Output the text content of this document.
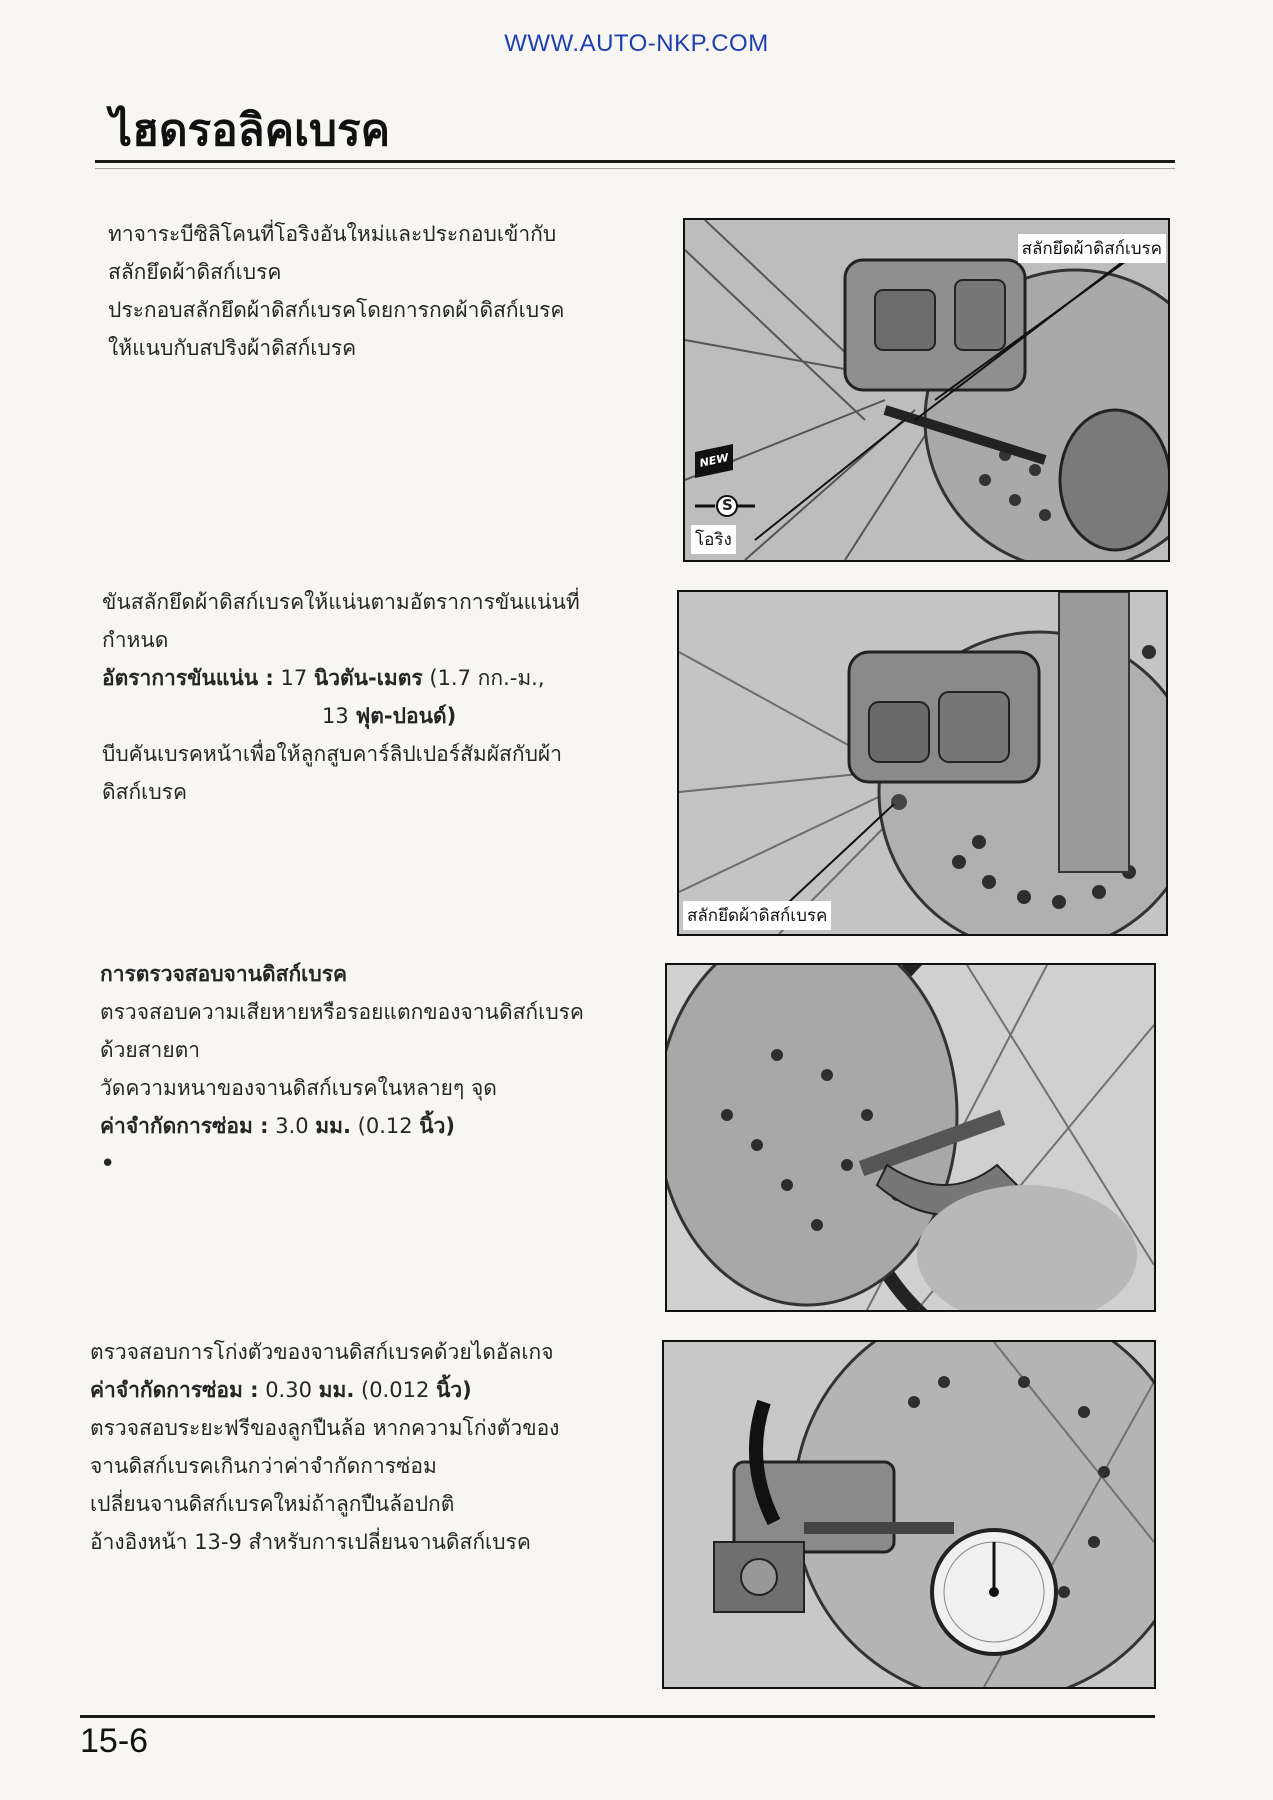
WWW.AUTO-NKP.COM
ไฮดรอลิคเบรค

ทาจาระบีซิลิโคนที่โอริงอันใหม่และประกอบเข้ากับ

สลักยึดผ้าดิสก์เบรค

ประกอบสลักยึดผ้าดิสก์เบรคโดยการกดผ้าดิสก์เบรค

ให้แนบกับสปริงผ้าดิสก์เบรค

สลักยึดผ้าดิสก์เบรค
โอริง
NEW
S

ขันสลักยึดผ้าดิสก์เบรคให้แน่นตามอัตราการขันแน่นที่

กำหนด

อัตราการขันแน่น : 17 นิวตัน-เมตร (1.7 กก.-ม.,

13 ฟุต-ปอนด์)

บีบคันเบรคหน้าเพื่อให้ลูกสูบคาร์ลิปเปอร์สัมผัสกับผ้า

ดิสก์เบรค

สลักยึดผ้าดิสก์เบรค

การตรวจสอบจานดิสก์เบรค

ตรวจสอบความเสียหายหรือรอยแตกของจานดิสก์เบรค

ด้วยสายตา

วัดความหนาของจานดิสก์เบรคในหลายๆ จุด

ค่าจำกัดการซ่อม : 3.0 มม. (0.12 นิ้ว)

•

ตรวจสอบการโก่งตัวของจานดิสก์เบรคด้วยไดอัลเกจ

ค่าจำกัดการซ่อม : 0.30 มม. (0.012 นิ้ว)

ตรวจสอบระยะฟรีของลูกปืนล้อ หากความโก่งตัวของ

จานดิสก์เบรคเกินกว่าค่าจำกัดการซ่อม

เปลี่ยนจานดิสก์เบรคใหม่ถ้าลูกปืนล้อปกติ

อ้างอิงหน้า 13-9 สำหรับการเปลี่ยนจานดิสก์เบรค

15-6
